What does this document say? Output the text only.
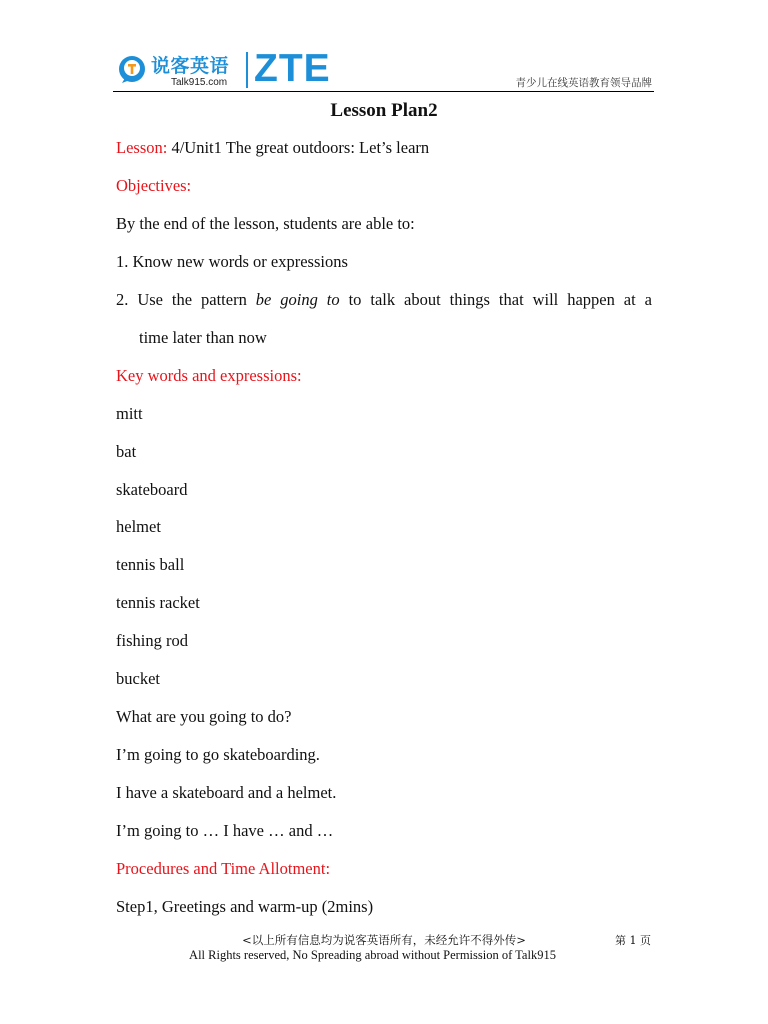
说客英语
Talk915.com ZTE	青少儿在线英语教育领导品牌
Lesson Plan2
Lesson: 4/Unit1 The great outdoors: Let’s learn
Objectives:
By the end of the lesson, students are able to:
1. Know new words or expressions
2. Use the pattern be going to to talk about things that will happen at a
time later than now
Key words and expressions:
mitt
bat
skateboard
helmet
tennis ball
tennis racket
fishing rod
bucket
What are you going to do?
I’m going to go skateboarding.
I have a skateboard and a helmet.
I’m going to … I have … and …
Procedures and Time Allotment:
Step1, Greetings and warm-up (2mins)
<以上所有信息均为说客英语所有，未经允许不得外传>	第 1 页
All Rights reserved, No Spreading abroad without Permission of Talk915
